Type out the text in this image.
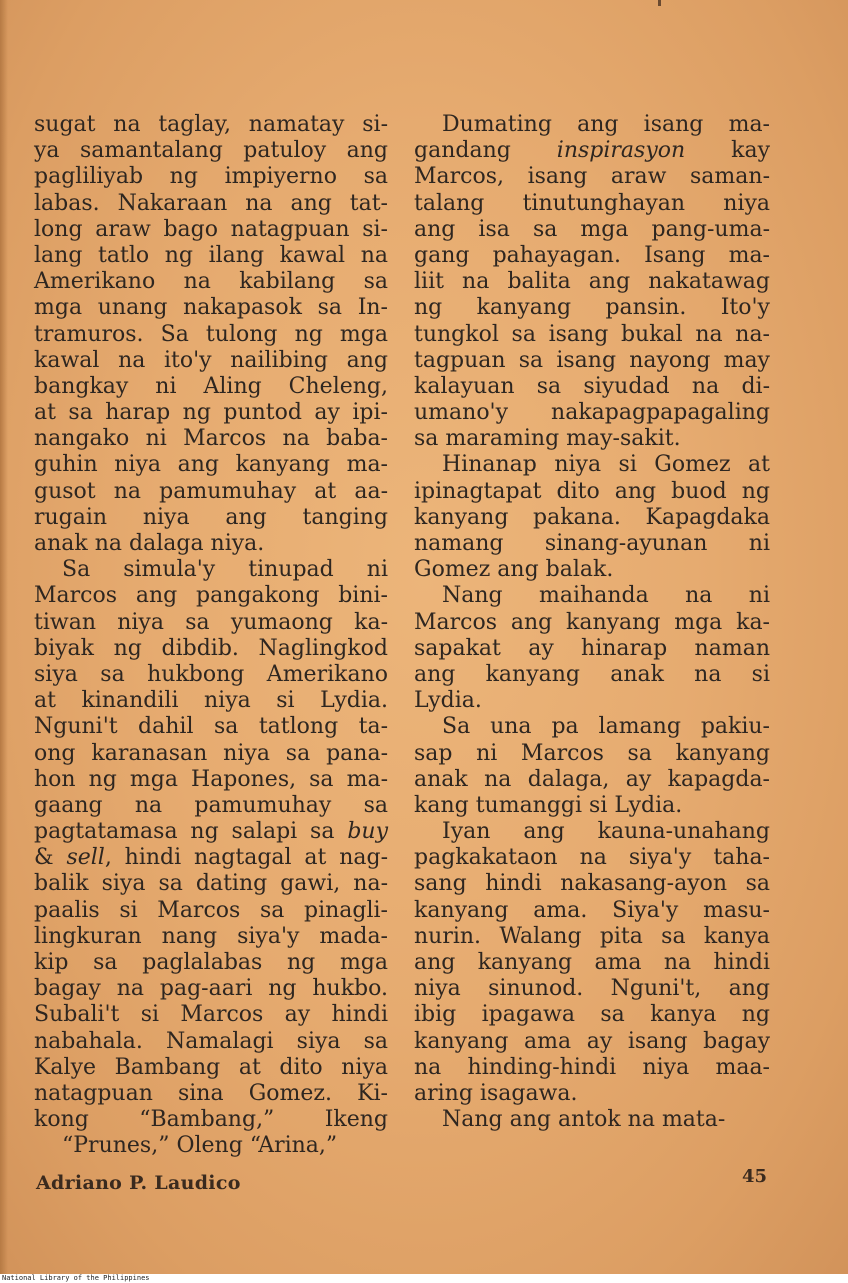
sugat na taglay, namatay si-
ya samantalang patuloy ang
pagliliyab ng impiyerno sa
labas. Nakaraan na ang tat-
long araw bago natagpuan si-
lang tatlo ng ilang kawal na
Amerikano na kabilang sa
mga unang nakapasok sa In-
tramuros. Sa tulong ng mga
kawal na ito'y nailibing ang
bangkay ni Aling Cheleng,
at sa harap ng puntod ay ipi-
nangako ni Marcos na baba-
guhin niya ang kanyang ma-
gusot na pamumuhay at aa-
rugain niya ang tanging
anak na dalaga niya.
Sa simula'y tinupad ni
Marcos ang pangakong bini-
tiwan niya sa yumaong ka-
biyak ng dibdib. Naglingkod
siya sa hukbong Amerikano
at kinandili niya si Lydia.
Nguni't dahil sa tatlong ta-
ong karanasan niya sa pana-
hon ng mga Hapones, sa ma-
gaang na pamumuhay sa
pagtatamasa ng salapi sa buy
& sell, hindi nagtagal at nag-
balik siya sa dating gawi, na-
paalis si Marcos sa pinagli-
lingkuran nang siya'y mada-
kip sa paglalabas ng mga
bagay na pag-aari ng hukbo.
Subali't si Marcos ay hindi
nabahala. Namalagi siya sa
Kalye Bambang at dito niya
natagpuan sina Gomez. Ki-
kong “Bambang,” Ikeng
“Prunes,” Oleng “Arina,”
Dumating ang isang ma-
gandang inspirasyon kay
Marcos, isang araw saman-
talang tinutunghayan niya
ang isa sa mga pang-uma-
gang pahayagan. Isang ma-
liit na balita ang nakatawag
ng kanyang pansin. Ito'y
tungkol sa isang bukal na na-
tagpuan sa isang nayong may
kalayuan sa siyudad na di-
umano'y nakapagpapagaling
sa maraming may-sakit.
Hinanap niya si Gomez at
ipinagtapat dito ang buod ng
kanyang pakana. Kapagdaka
namang sinang-ayunan ni
Gomez ang balak.
Nang maihanda na ni
Marcos ang kanyang mga ka-
sapakat ay hinarap naman
ang kanyang anak na si
Lydia.
Sa una pa lamang pakiu-
sap ni Marcos sa kanyang
anak na dalaga, ay kapagda-
kang tumanggi si Lydia.
Iyan ang kauna-unahang
pagkakataon na siya'y taha-
sang hindi nakasang-ayon sa
kanyang ama. Siya'y masu-
nurin. Walang pita sa kanya
ang kanyang ama na hindi
niya sinunod. Nguni't, ang
ibig ipagawa sa kanya ng
kanyang ama ay isang bagay
na hinding-hindi niya maa-
aring isagawa.
Nang ang antok na mata-
Adriano P. Laudico	45
National Library of the Philippines
